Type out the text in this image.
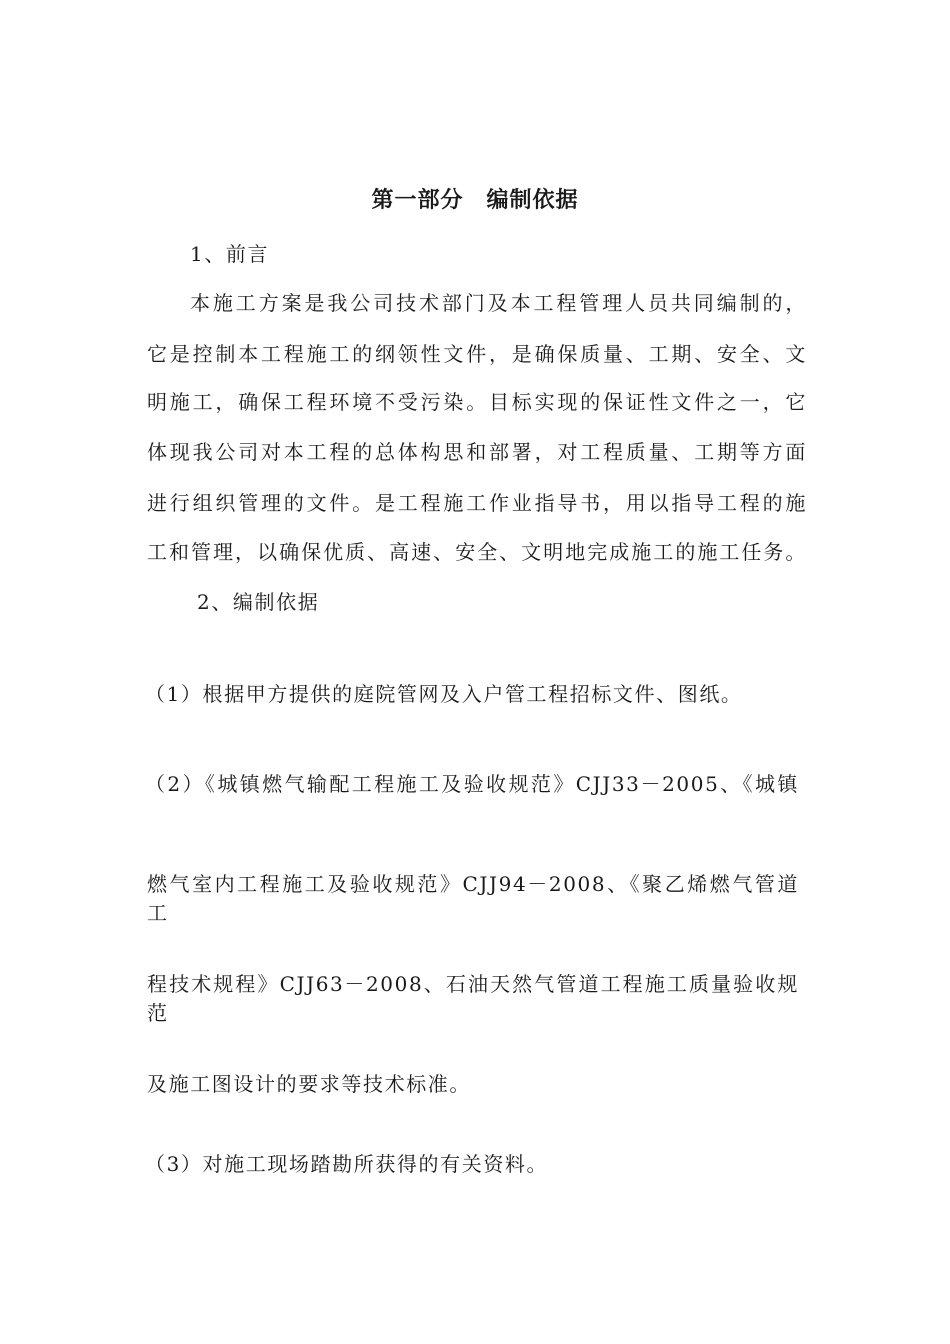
第一部分　编制依据
1、前言
本施工方案是我公司技术部门及本工程管理人员共同编制的，
它是控制本工程施工的纲领性文件，是确保质量、工期、安全、文
明施工，确保工程环境不受污染。目标实现的保证性文件之一，它
体现我公司对本工程的总体构思和部署，对工程质量、工期等方面
进行组织管理的文件。是工程施工作业指导书，用以指导工程的施
工和管理，以确保优质、高速、安全、文明地完成施工的施工任务。
2、编制依据
（1）根据甲方提供的庭院管网及入户管工程招标文件、图纸。
（2）《城镇燃气输配工程施工及验收规范》CJJ33－2005、《城镇
燃气室内工程施工及验收规范》CJJ94－2008、《聚乙烯燃气管道工
程技术规程》CJJ63－2008、石油天然气管道工程施工质量验收规范
及施工图设计的要求等技术标准。
（3）对施工现场踏勘所获得的有关资料。
